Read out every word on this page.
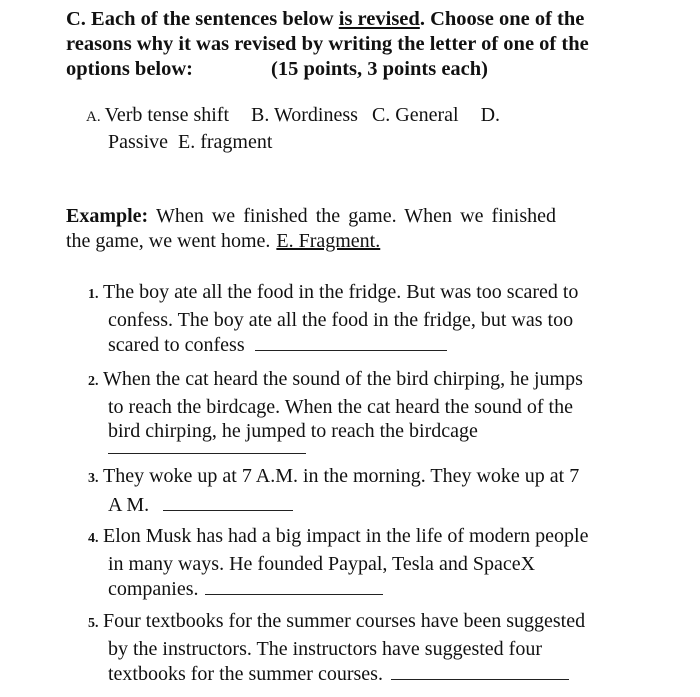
C. Each of the sentences below is revised. Choose one of the
reasons why it was revised by writing the letter of one of the
options below:	(15 points, 3 points each)
A. Verb tense shift B. Wordiness C. General D.
Passive E. fragment
Example: When we finished the game. When we finished the game, we went home. E. Fragment.
1. The boy ate all the food in the fridge. But was too scared to
confess. The boy ate all the food in the fridge, but was too
scared to confess
2. When the cat heard the sound of the bird chirping, he jumps
to reach the birdcage. When the cat heard the sound of the
bird chirping, he jumped to reach the birdcage
3. They woke up at 7 A.M. in the morning. They woke up at 7
A M.
4. Elon Musk has had a big impact in the life of modern people
in many ways. He founded Paypal, Tesla and SpaceX
companies.
5. Four textbooks for the summer courses have been suggested
by the instructors. The instructors have suggested four
textbooks for the summer courses.
